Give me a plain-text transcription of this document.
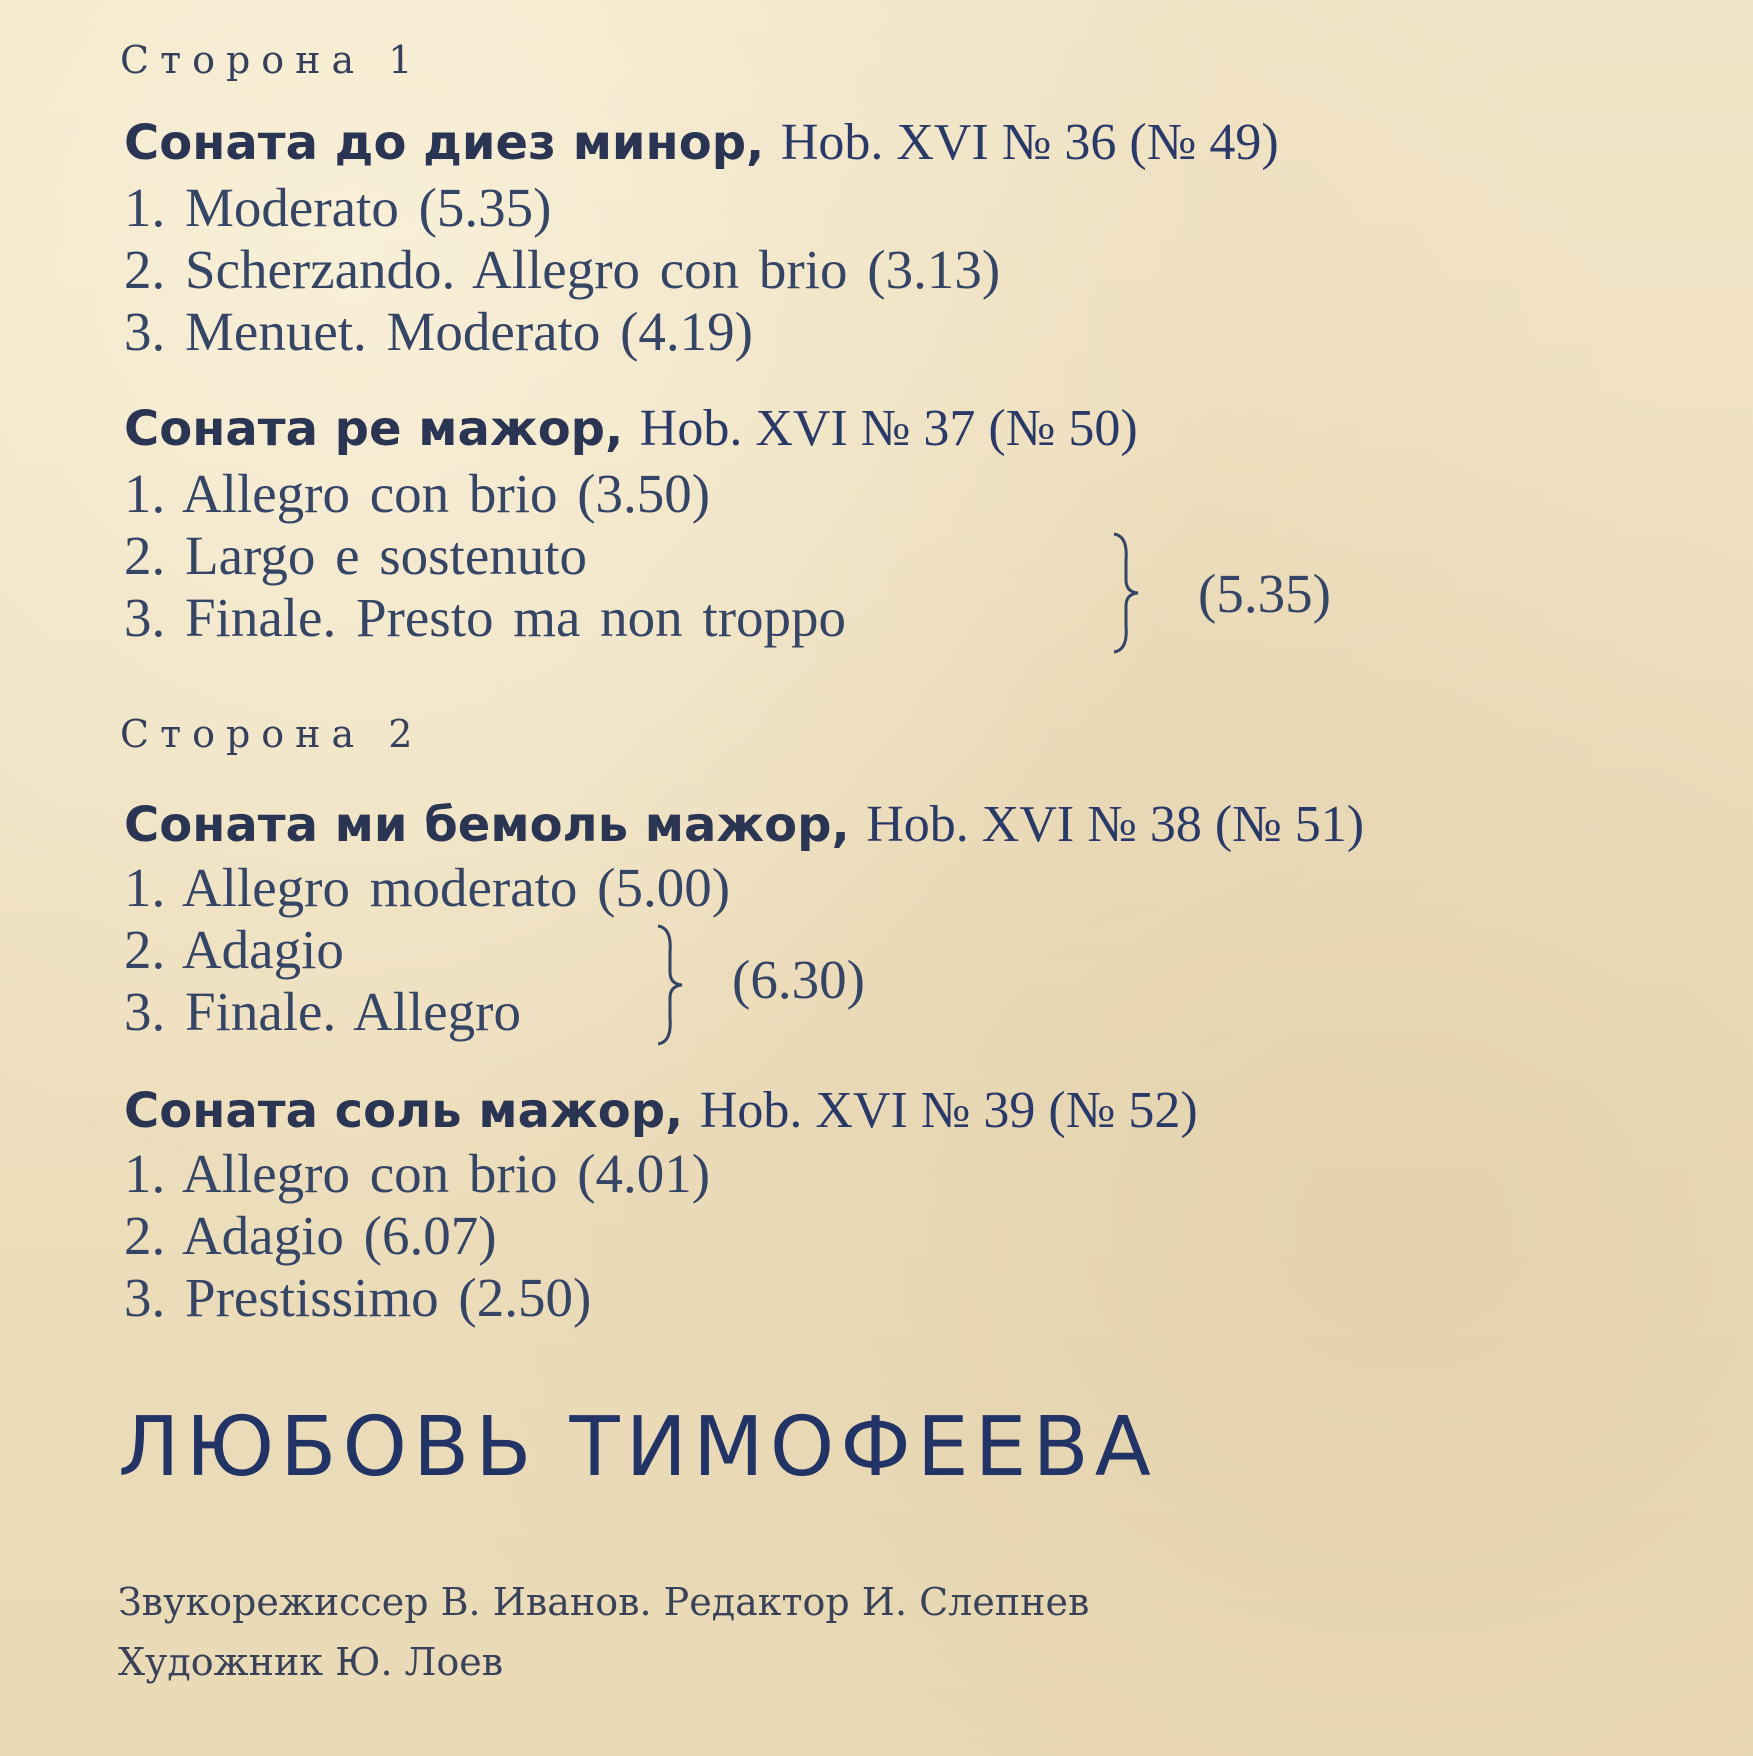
Сторона 1
Соната до диез минор, Hob. XVI № 36 (№ 49)
1. Moderato (5.35)
2. Scherzando. Allegro con brio (3.13)
3. Menuet. Moderato (4.19)
Соната ре мажор, Hob. XVI № 37 (№ 50)
1. Allegro con brio (3.50)
2. Largo e sostenuto
3. Finale. Presto ma non troppo	(5.35)
Сторона 2
Соната ми бемоль мажор, Hob. XVI № 38 (№ 51)
1. Allegro moderato (5.00)
2. Adagio
3. Finale. Allegro
(6.30)
Соната соль мажор, Hob. XVI № 39 (№ 52)
1. Allegro con brio (4.01)
2. Adagio (6.07)
3. Prestissimo (2.50)
ЛЮБОВЬ ТИМОФЕЕВА
Звукорежиссер В. Иванов. Редактор И. Слепнев
Художник Ю. Лоев
